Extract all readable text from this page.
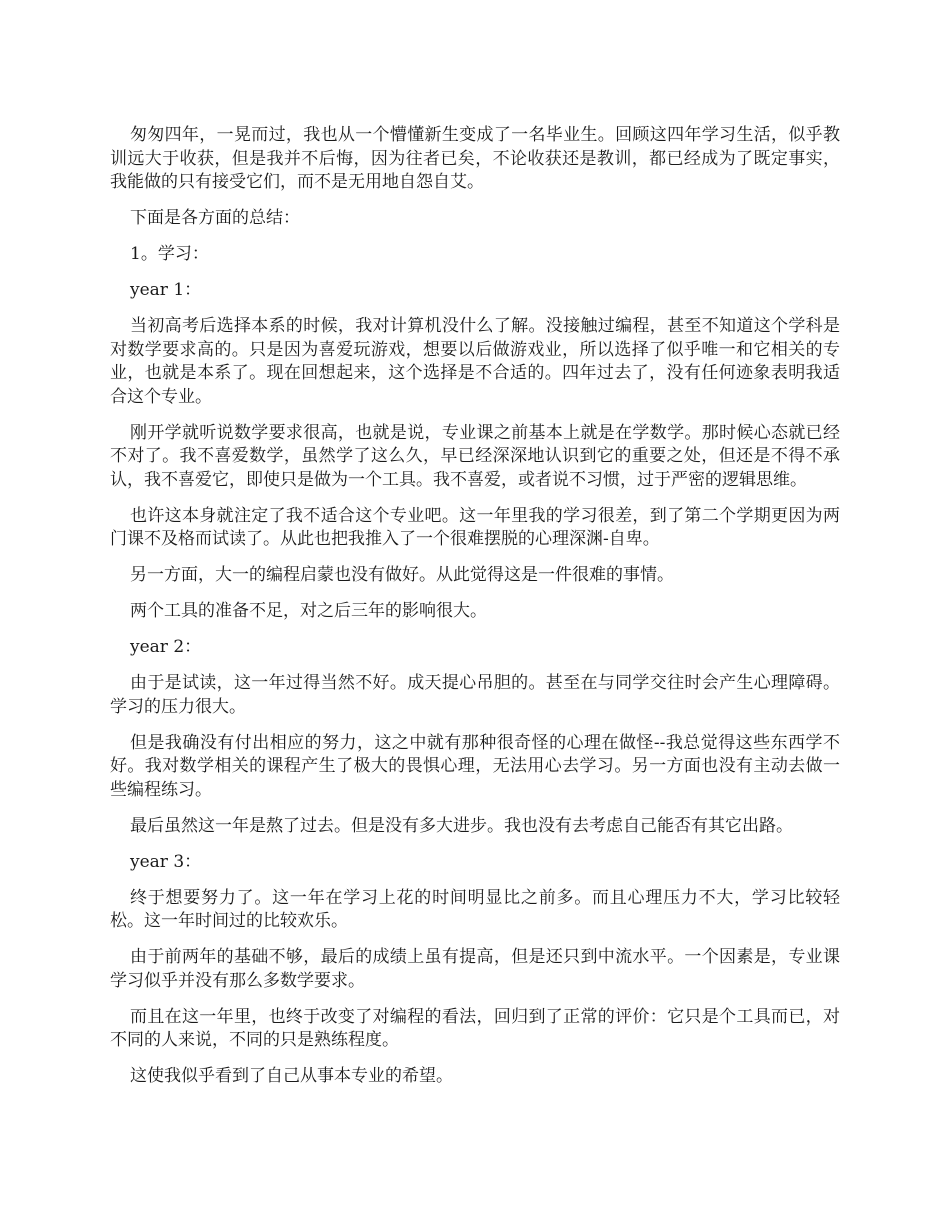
匆匆四年，一晃而过，我也从一个懵懂新生变成了一名毕业生。回顾这四年学习生活，似乎教训远大于收获，但是我并不后悔，因为往者已矣，不论收获还是教训，都已经成为了既定事实，我能做的只有接受它们，而不是无用地自怨自艾。

下面是各方面的总结：

1。学习：

year 1：

当初高考后选择本系的时候，我对计算机没什么了解。没接触过编程，甚至不知道这个学科是对数学要求高的。只是因为喜爱玩游戏，想要以后做游戏业，所以选择了似乎唯一和它相关的专业，也就是本系了。现在回想起来，这个选择是不合适的。四年过去了，没有任何迹象表明我适合这个专业。

刚开学就听说数学要求很高，也就是说，专业课之前基本上就是在学数学。那时候心态就已经不对了。我不喜爱数学，虽然学了这么久，早已经深深地认识到它的重要之处，但还是不得不承认，我不喜爱它，即使只是做为一个工具。我不喜爱，或者说不习惯，过于严密的逻辑思维。

也许这本身就注定了我不适合这个专业吧。这一年里我的学习很差，到了第二个学期更因为两门课不及格而试读了。从此也把我推入了一个很难摆脱的心理深渊-自卑。

另一方面，大一的编程启蒙也没有做好。从此觉得这是一件很难的事情。

两个工具的准备不足，对之后三年的影响很大。

year 2：

由于是试读，这一年过得当然不好。成天提心吊胆的。甚至在与同学交往时会产生心理障碍。学习的压力很大。

但是我确没有付出相应的努力，这之中就有那种很奇怪的心理在做怪--我总觉得这些东西学不好。我对数学相关的课程产生了极大的畏惧心理，无法用心去学习。另一方面也没有主动去做一些编程练习。

最后虽然这一年是熬了过去。但是没有多大进步。我也没有去考虑自己能否有其它出路。

year 3：

终于想要努力了。这一年在学习上花的时间明显比之前多。而且心理压力不大，学习比较轻松。这一年时间过的比较欢乐。

由于前两年的基础不够，最后的成绩上虽有提高，但是还只到中流水平。一个因素是，专业课学习似乎并没有那么多数学要求。

而且在这一年里，也终于改变了对编程的看法，回归到了正常的评价：它只是个工具而已，对不同的人来说，不同的只是熟练程度。

这使我似乎看到了自己从事本专业的希望。
